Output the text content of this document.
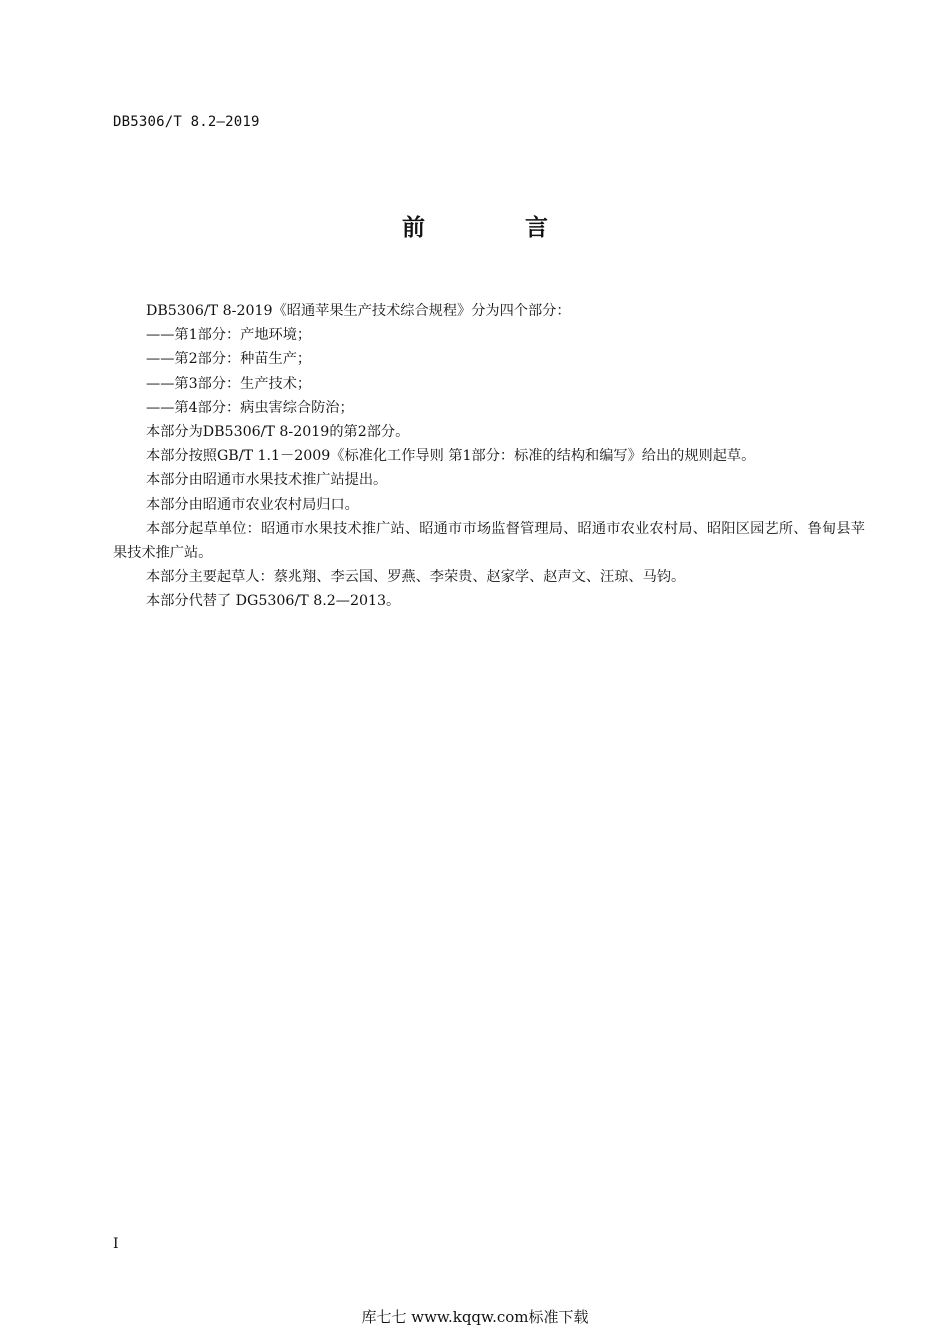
DB5306/T 8.2—2019
前	言

DB5306/T 8-2019《昭通苹果生产技术综合规程》分为四个部分：

——第1部分：产地环境；

——第2部分：种苗生产；

——第3部分：生产技术；

——第4部分：病虫害综合防治；

本部分为DB5306/T 8-2019的第2部分。

本部分按照GB/T 1.1－2009《标准化工作导则 第1部分：标准的结构和编写》给出的规则起草。

本部分由昭通市水果技术推广站提出。

本部分由昭通市农业农村局归口。

本部分起草单位：昭通市水果技术推广站、昭通市市场监督管理局、昭通市农业农村局、昭阳区园艺所、鲁甸县苹果技术推广站。

本部分主要起草人：蔡兆翔、李云国、罗燕、李荣贵、赵家学、赵声文、汪琼、马钧。

本部分代替了 DG5306/T 8.2—2013。

I
库七七 www.kqqw.com标准下载
